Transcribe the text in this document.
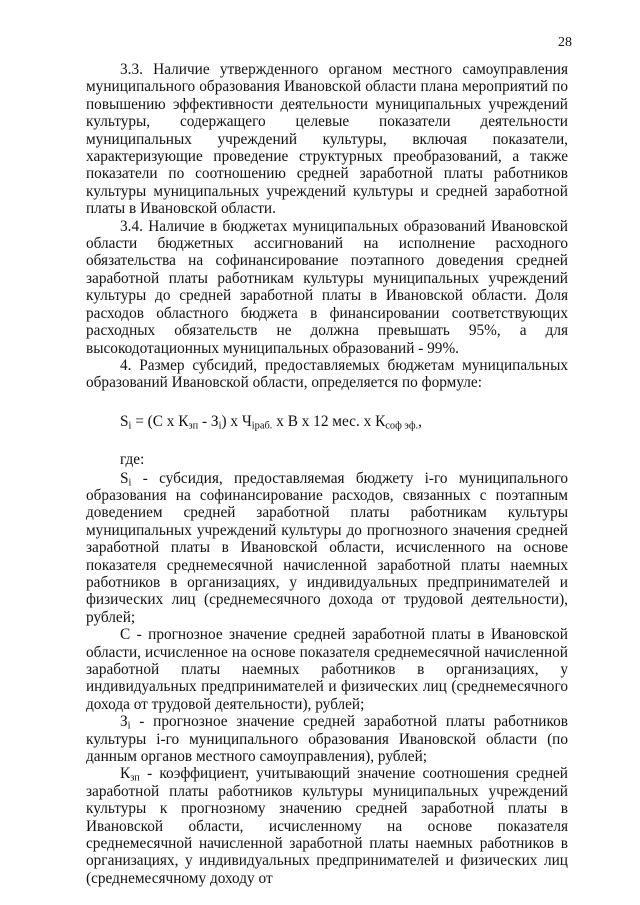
28

3.3. Наличие утвержденного органом местного самоуправления муниципального образования Ивановской области плана мероприятий по повышению эффективности деятельности муниципальных учреждений культуры, содержащего целевые показатели деятельности муниципальных учреждений культуры, включая показатели, характеризующие проведение структурных преобразований, а также показатели по соотношению средней заработной платы работников культуры муниципальных учреждений культуры и средней заработной платы в Ивановской области.

3.4. Наличие в бюджетах муниципальных образований Ивановской области бюджетных ассигнований на исполнение расходного обязательства на софинансирование поэтапного доведения средней заработной платы работникам культуры муниципальных учреждений культуры до средней заработной платы в Ивановской области. Доля расходов областного бюджета в финансировании соответствующих расходных обязательств не должна превышать 95%, а для высокодотационных муниципальных образований - 99%.

4. Размер субсидий, предоставляемых бюджетам муниципальных образований Ивановской области, определяется по формуле:

$S_i = (С$ х $К_{зп} - З_i$) х $Ч_{iраб.}$ х В х 12 мес. х $К_{соф эф.}$,

где:

$S_i$ - субсидия, предоставляемая бюджету i-го муниципального образования на софинансирование расходов, связанных с поэтапным доведением средней заработной платы работникам культуры муниципальных учреждений культуры до прогнозного значения средней заработной платы в Ивановской области, исчисленного на основе показателя среднемесячной начисленной заработной платы наемных работников в организациях, у индивидуальных предпринимателей и физических лиц (среднемесячного дохода от трудовой деятельности), рублей;

С - прогнозное значение средней заработной платы в Ивановской области, исчисленное на основе показателя среднемесячной начисленной заработной платы наемных работников в организациях, у индивидуальных предпринимателей и физических лиц (среднемесячного дохода от трудовой деятельности), рублей;

$З_i$ - прогнозное значение средней заработной платы работников культуры i-го муниципального образования Ивановской области (по данным органов местного самоуправления), рублей;

$К_{зп}$ - коэффициент, учитывающий значение соотношения средней заработной платы работников культуры муниципальных учреждений культуры к прогнозному значению средней заработной платы в Ивановской области, исчисленному на основе показателя среднемесячной начисленной заработной платы наемных работников в организациях, у индивидуальных предпринимателей и физических лиц (среднемесячному доходу от
